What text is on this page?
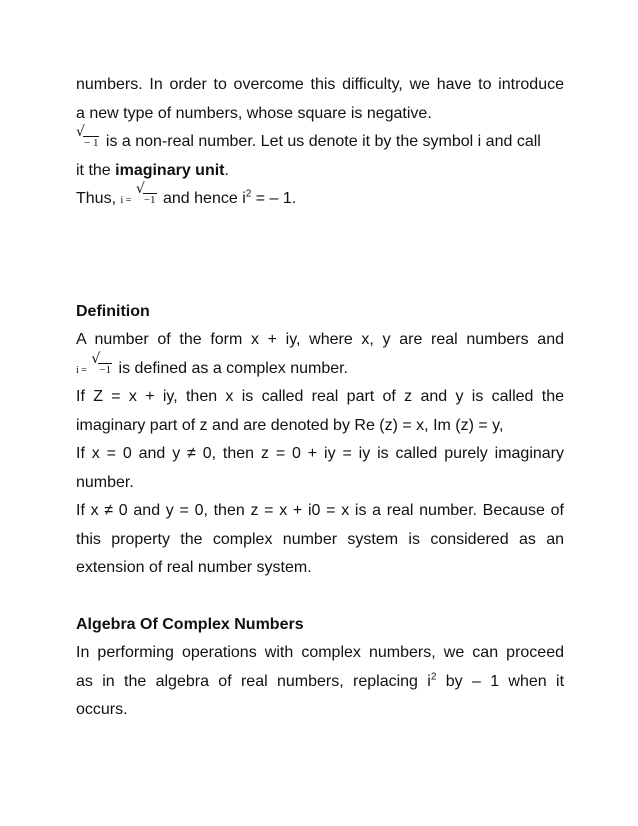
numbers. In order to overcome this difficulty, we have to introduce
a new type of numbers, whose square is negative.
√
− 1 is a non-real number. Let us denote it by the symbol i and call
it the imaginary unit.
Thus, i =
√
−1 and hence $i^2$ = – 1.
Definition
A number of the form x + iy, where x, y are real numbers and
i =
√
−1 is defined as a complex number.
If Z = x + iy, then x is called real part of z and y is called the
imaginary part of z and are denoted by Re (z) = x, Im (z) = y,
If x = 0 and y ≠ 0, then z = 0 + iy = iy is called purely imaginary
number.
If x ≠ 0 and y = 0, then z = x + i0 = x is a real number. Because of
this property the complex number system is considered as an
extension of real number system.
Algebra Of Complex Numbers
In performing operations with complex numbers, we can proceed
as in the algebra of real numbers, replacing $i^2$ by – 1 when it
occurs.
